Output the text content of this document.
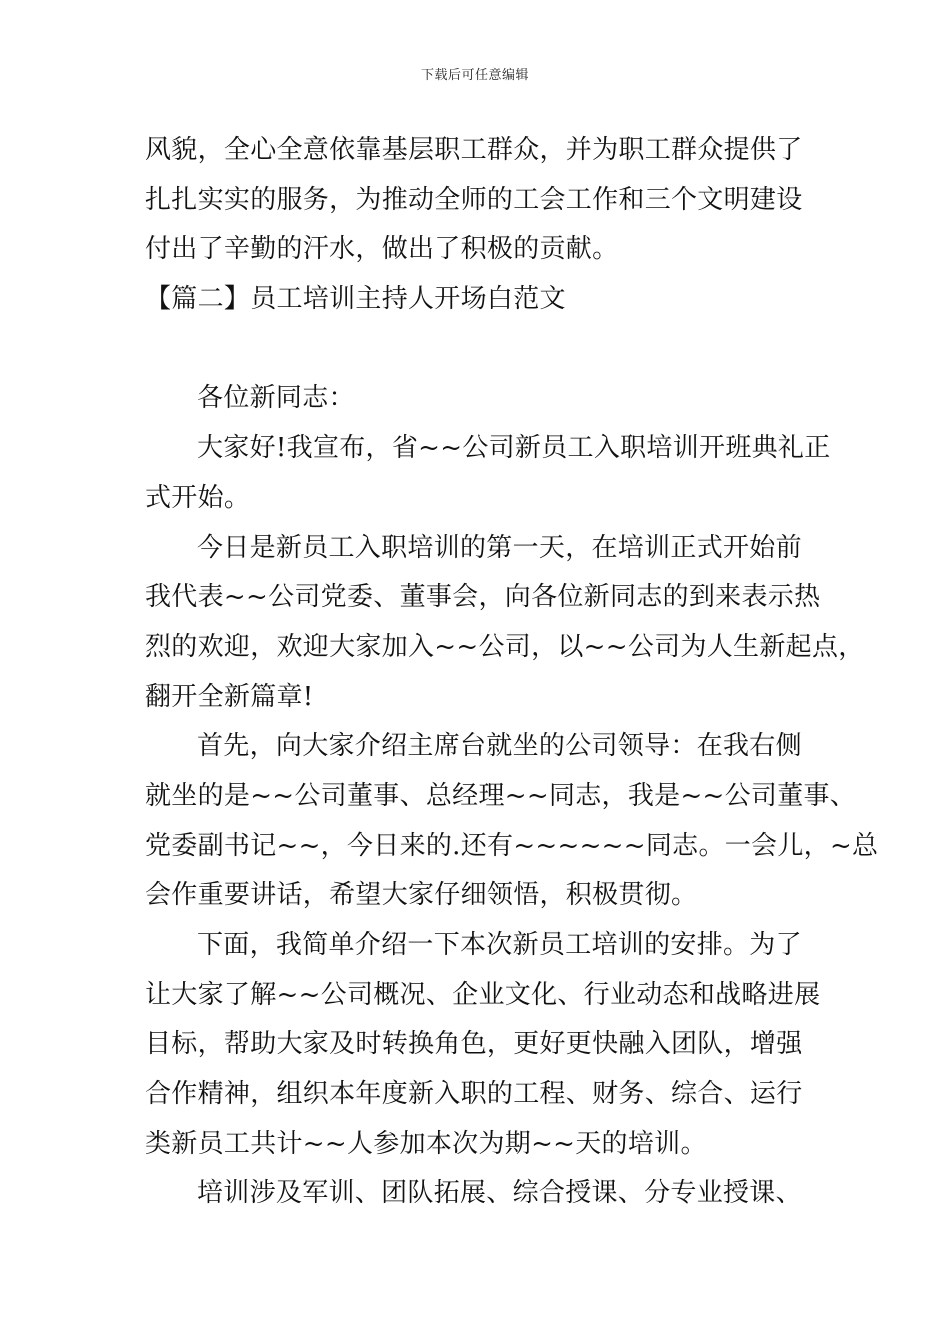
下载后可任意编辑
风貌，全心全意依靠基层职工群众，并为职工群众提供了
扎扎实实的服务，为推动全师的工会工作和三个文明建设
付出了辛勤的汗水，做出了积极的贡献。
【篇二】员工培训主持人开场白范文
各位新同志：
大家好!我宣布，省~~公司新员工入职培训开班典礼正
式开始。
今日是新员工入职培训的第一天，在培训正式开始前
我代表~~公司党委、董事会，向各位新同志的到来表示热
烈的欢迎，欢迎大家加入~~公司，以~~公司为人生新起点，
翻开全新篇章!
首先，向大家介绍主席台就坐的公司领导：在我右侧
就坐的是~~公司董事、总经理~~同志，我是~~公司董事、
党委副书记~~，今日来的.还有~~~~~~同志。一会儿，~总
会作重要讲话，希望大家仔细领悟，积极贯彻。
下面，我简单介绍一下本次新员工培训的安排。为了
让大家了解~~公司概况、企业文化、行业动态和战略进展
目标，帮助大家及时转换角色，更好更快融入团队，增强
合作精神，组织本年度新入职的工程、财务、综合、运行
类新员工共计~~人参加本次为期~~天的培训。
培训涉及军训、团队拓展、综合授课、分专业授课、
